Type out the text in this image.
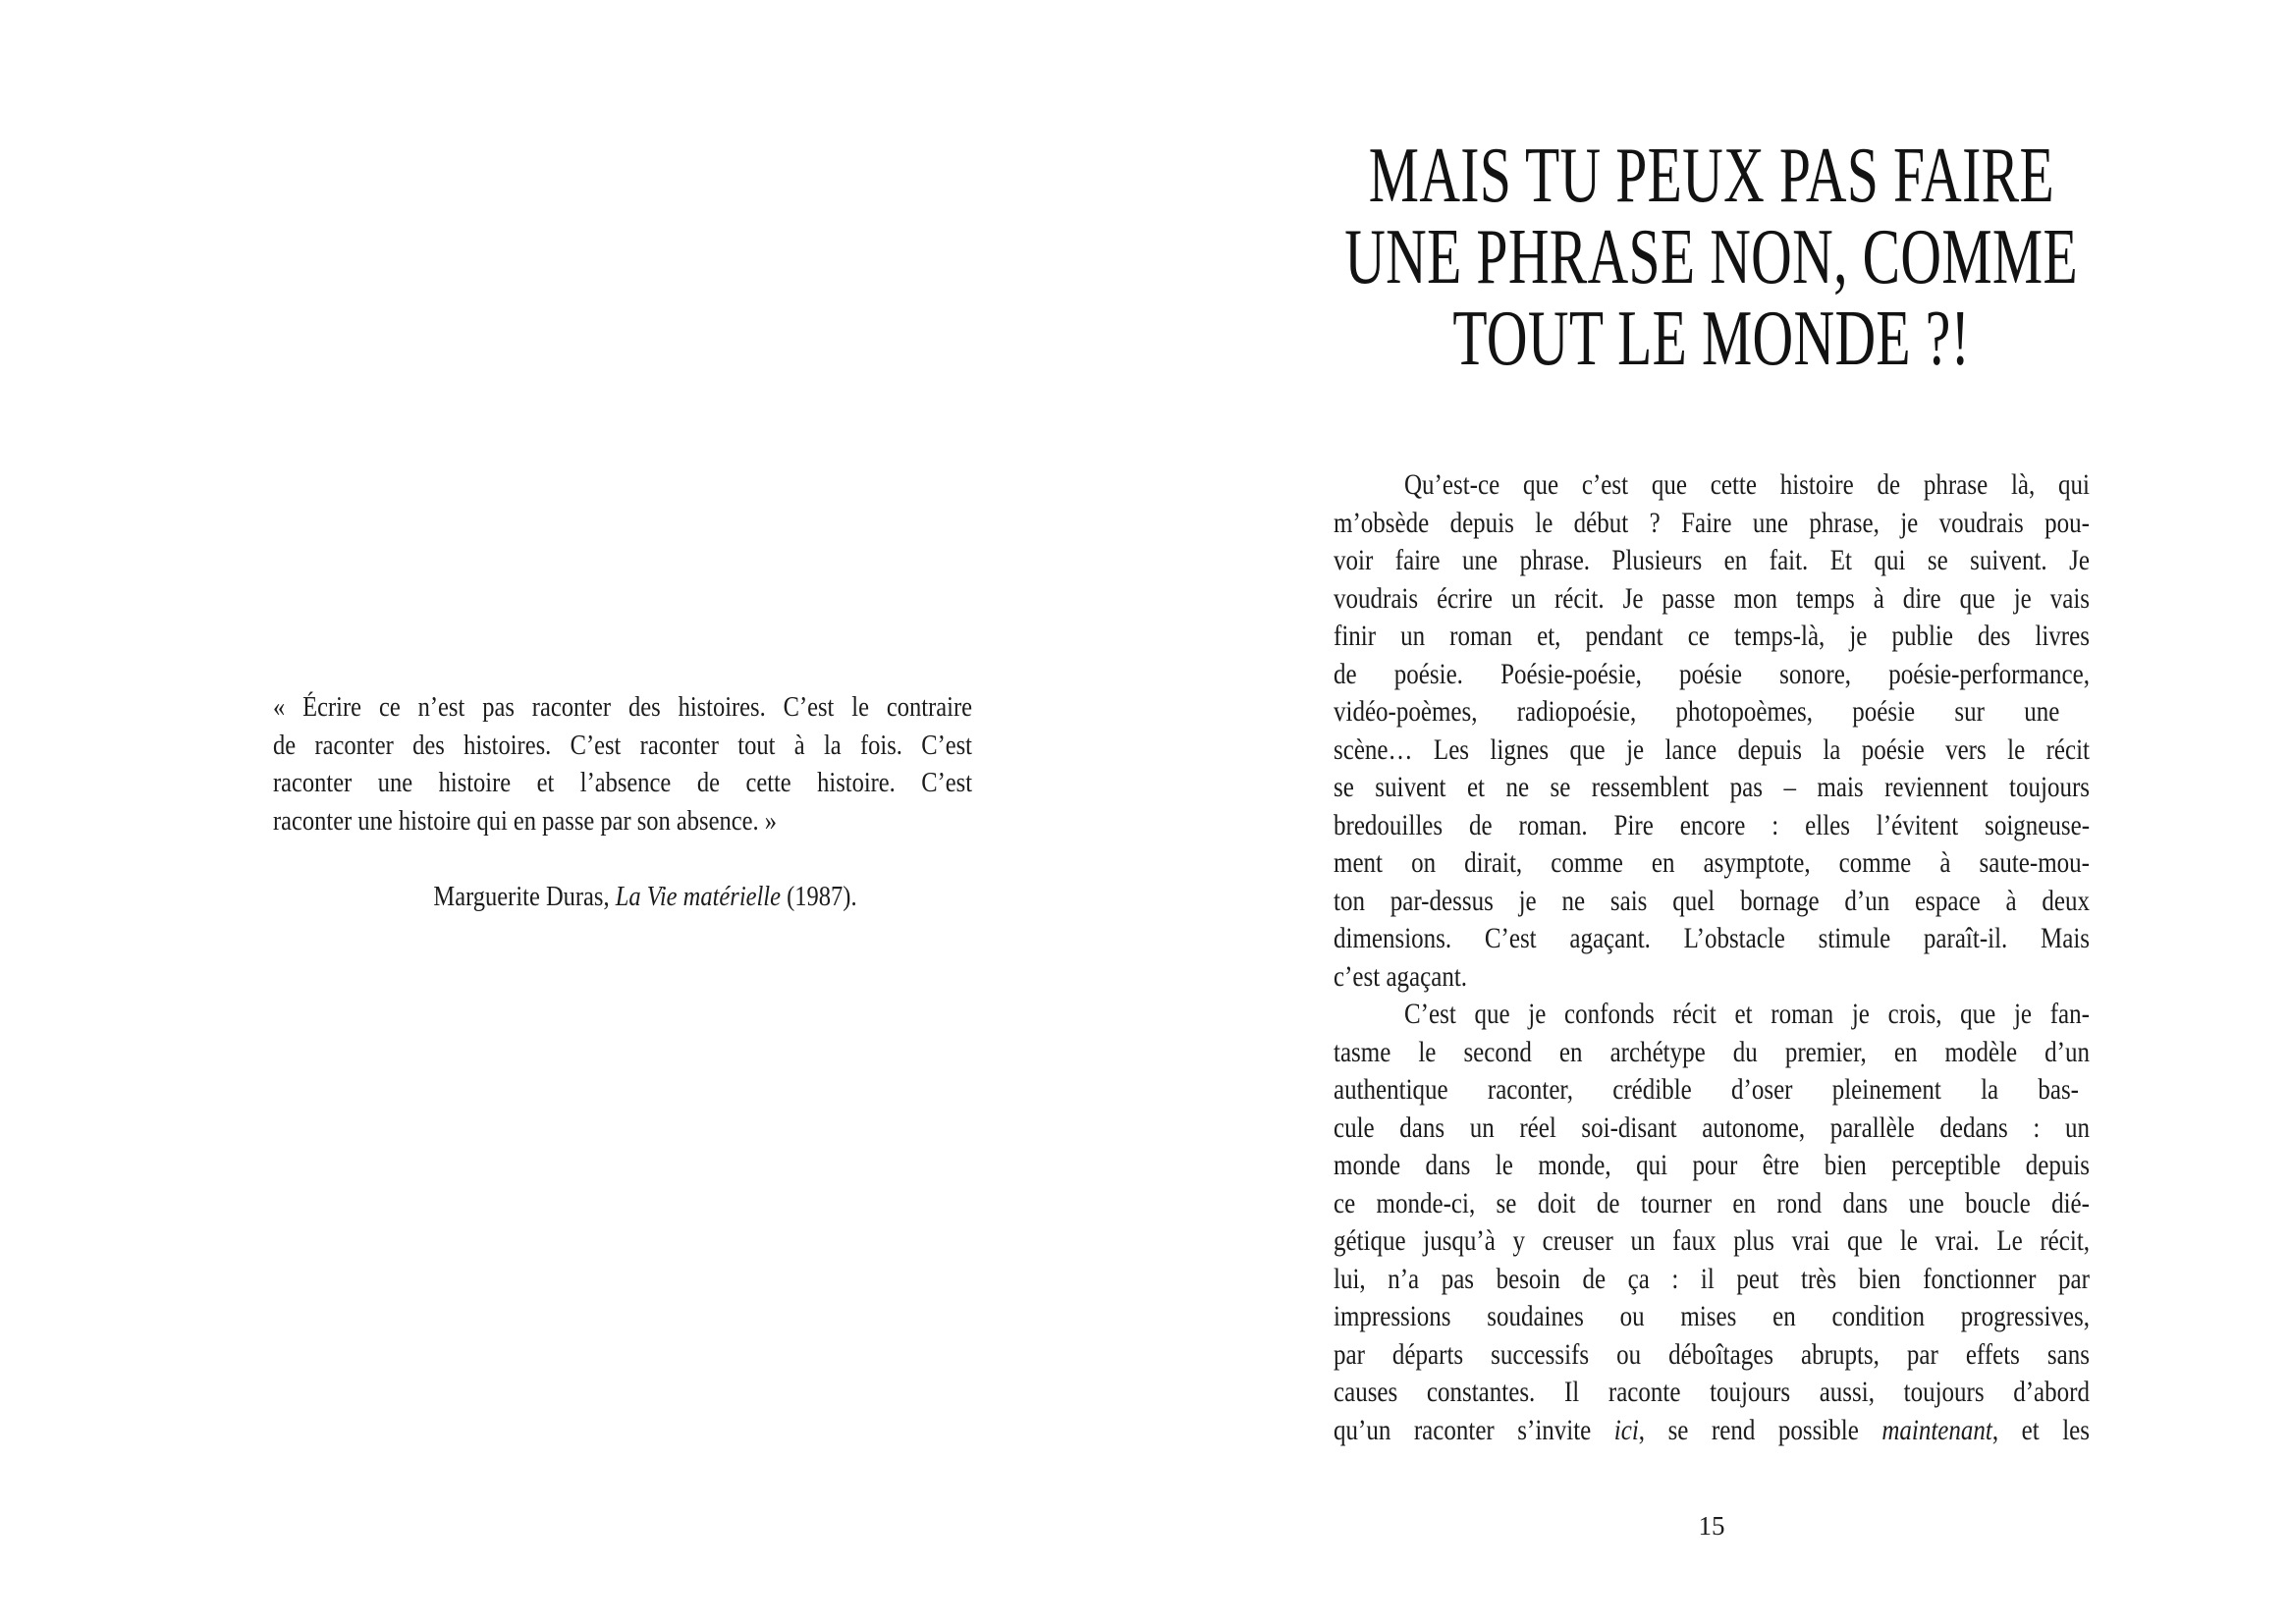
« Écrire ce n’est pas raconter des histoires. C’est le contraire
de raconter des histoires. C’est raconter tout à la fois. C’est
raconter une histoire et l’absence de cette histoire. C’est
raconter une histoire qui en passe par son absence. »
Marguerite Duras, La Vie matérielle (1987).
MAIS TU PEUX PAS FAIRE
UNE PHRASE NON, COMME
TOUT LE MONDE ?!
Qu’est-ce que c’est que cette histoire de phrase là, qui
m’obsède depuis le début ? Faire une phrase, je voudrais pou-
voir faire une phrase. Plusieurs en fait. Et qui se suivent. Je
voudrais écrire un récit. Je passe mon temps à dire que je vais
finir un roman et, pendant ce temps-là, je publie des livres
de poésie. Poésie-poésie, poésie sonore, poésie-performance,
vidéo-poèmes, radiopoésie, photopoèmes, poésie sur une
scène… Les lignes que je lance depuis la poésie vers le récit
se suivent et ne se ressemblent pas – mais reviennent toujours
bredouilles de roman. Pire encore : elles l’évitent soigneuse-
ment on dirait, comme en asymptote, comme à saute-mou-
ton par-dessus je ne sais quel bornage d’un espace à deux
dimensions. C’est agaçant. L’obstacle stimule paraît-il. Mais
c’est agaçant.
C’est que je confonds récit et roman je crois, que je fan-
tasme le second en archétype du premier, en modèle d’un
authentique raconter, crédible d’oser pleinement la bas-
cule dans un réel soi-disant autonome, parallèle dedans : un
monde dans le monde, qui pour être bien perceptible depuis
ce monde-ci, se doit de tourner en rond dans une boucle dié-
gétique jusqu’à y creuser un faux plus vrai que le vrai. Le récit,
lui, n’a pas besoin de ça : il peut très bien fonctionner par
impressions soudaines ou mises en condition progressives,
par départs successifs ou déboîtages abrupts, par effets sans
causes constantes. Il raconte toujours aussi, toujours d’abord
qu’un raconter s’invite ici, se rend possible maintenant, et les
15
